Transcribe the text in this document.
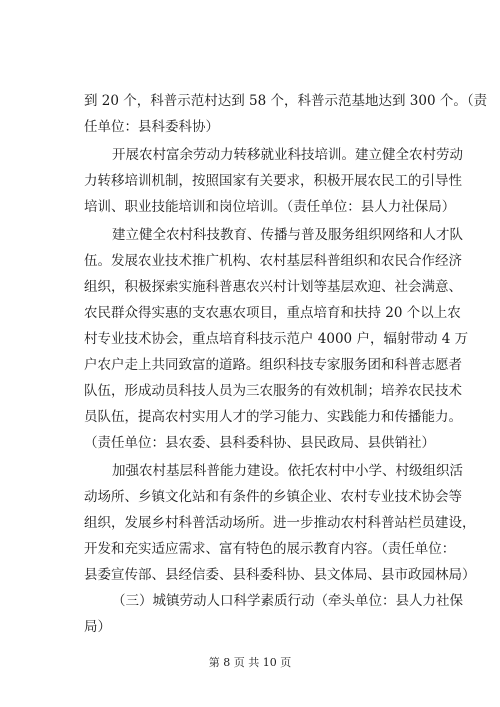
到 20 个，科普示范村达到 58 个，科普示范基地达到 300 个。（责
任单位：县科委科协）
开展农村富余劳动力转移就业科技培训。建立健全农村劳动
力转移培训机制，按照国家有关要求，积极开展农民工的引导性
培训、职业技能培训和岗位培训。（责任单位：县人力社保局）
建立健全农村科技教育、传播与普及服务组织网络和人才队
伍。发展农业技术推广机构、农村基层科普组织和农民合作经济
组织，积极探索实施科普惠农兴村计划等基层欢迎、社会满意、
农民群众得实惠的支农惠农项目，重点培育和扶持 20 个以上农
村专业技术协会，重点培育科技示范户 4000 户，辐射带动 4 万
户农户走上共同致富的道路。组织科技专家服务团和科普志愿者
队伍，形成动员科技人员为三农服务的有效机制；培养农民技术
员队伍，提高农村实用人才的学习能力、实践能力和传播能力。
（责任单位：县农委、县科委科协、县民政局、县供销社）
加强农村基层科普能力建设。依托农村中小学、村级组织活
动场所、乡镇文化站和有条件的乡镇企业、农村专业技术协会等
组织，发展乡村科普活动场所。进一步推动农村科普站栏员建设，
开发和充实适应需求、富有特色的展示教育内容。（责任单位：
县委宣传部、县经信委、县科委科协、县文体局、县市政园林局）
（三）城镇劳动人口科学素质行动（牵头单位：县人力社保
局）
第 8 页 共 10 页
